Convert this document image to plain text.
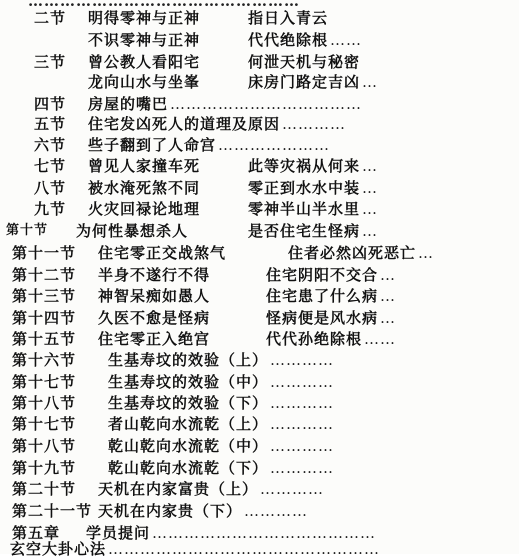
……………………………………………
二节 明得零神与正神	指日入青云
不识零神与正神	代代绝除根 ……
三节 曾公教人看阳宅	何泄天机与秘密
龙向山水与坐峯	床房门路定吉凶 …
四节 房屋的嘴巴 ………………………………
五节 住宅发凶死人的道理及原因 …………
六节 些子翻到了人命宫 …………………
七节 曾见人家撞车死	此等灾祸从何来 …
八节 被水淹死煞不同	零正到水水中装 …
九节 火灾回禄论地理	零神半山半水里 …
第十节 为何性暴想杀人	是否住宅生怪病 …
第十一节 住宅零正交战煞气	住者必然凶死恶亡 …
第十二节 半身不遂行不得	住宅阴阳不交合 …
第十三节 神智呆痴如愚人	住宅患了什么病 …
第十四节 久医不愈是怪病	怪病便是风水病 …
第十五节 住宅零正入绝宫	代代孙绝除根 ……
第十六节 生基寿坟的效验（上） …………
第十七节 生基寿坟的效验（中） …………
第十八节 生基寿坟的效验（下） …………
第十七节 者山乾向水流乾（上） …………
第十八节 乾山乾向水流乾（中） …………
第十九节 乾山乾向水流乾（下） …………
第二十节 天机在内家富贵（上） …………
第二十一节 天机在内家贵（下） …………
第五章 学员提问 ……………………………………
玄空大卦心法 ……………………………………………
